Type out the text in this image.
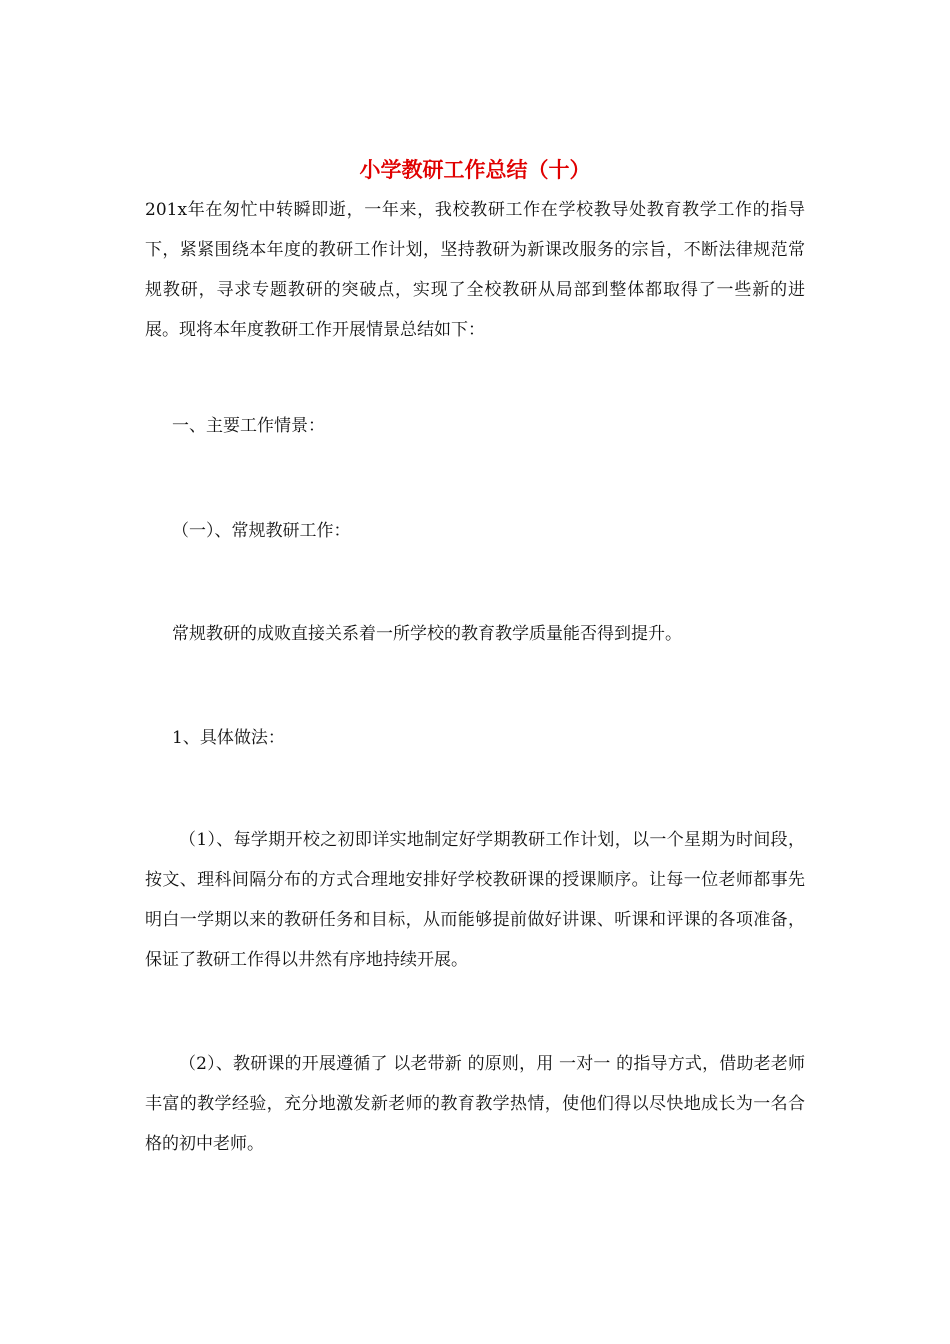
小学教研工作总结（十）

201x年在匆忙中转瞬即逝，一年来，我校教研工作在学校教导处教育教学工作的指导下，紧紧围绕本年度的教研工作计划，坚持教研为新课改服务的宗旨，不断法律规范常规教研，寻求专题教研的突破点，实现了全校教研从局部到整体都取得了一些新的进展。现将本年度教研工作开展情景总结如下：

一、主要工作情景：

（一）、常规教研工作：

常规教研的成败直接关系着一所学校的教育教学质量能否得到提升。

1、具体做法：

（1）、每学期开校之初即详实地制定好学期教研工作计划，以一个星期为时间段，按文、理科间隔分布的方式合理地安排好学校教研课的授课顺序。让每一位老师都事先明白一学期以来的教研任务和目标，从而能够提前做好讲课、听课和评课的各项准备，保证了教研工作得以井然有序地持续开展。

（2）、教研课的开展遵循了 以老带新 的原则，用 一对一 的指导方式，借助老老师丰富的教学经验，充分地激发新老师的教育教学热情，使他们得以尽快地成长为一名合格的初中老师。
